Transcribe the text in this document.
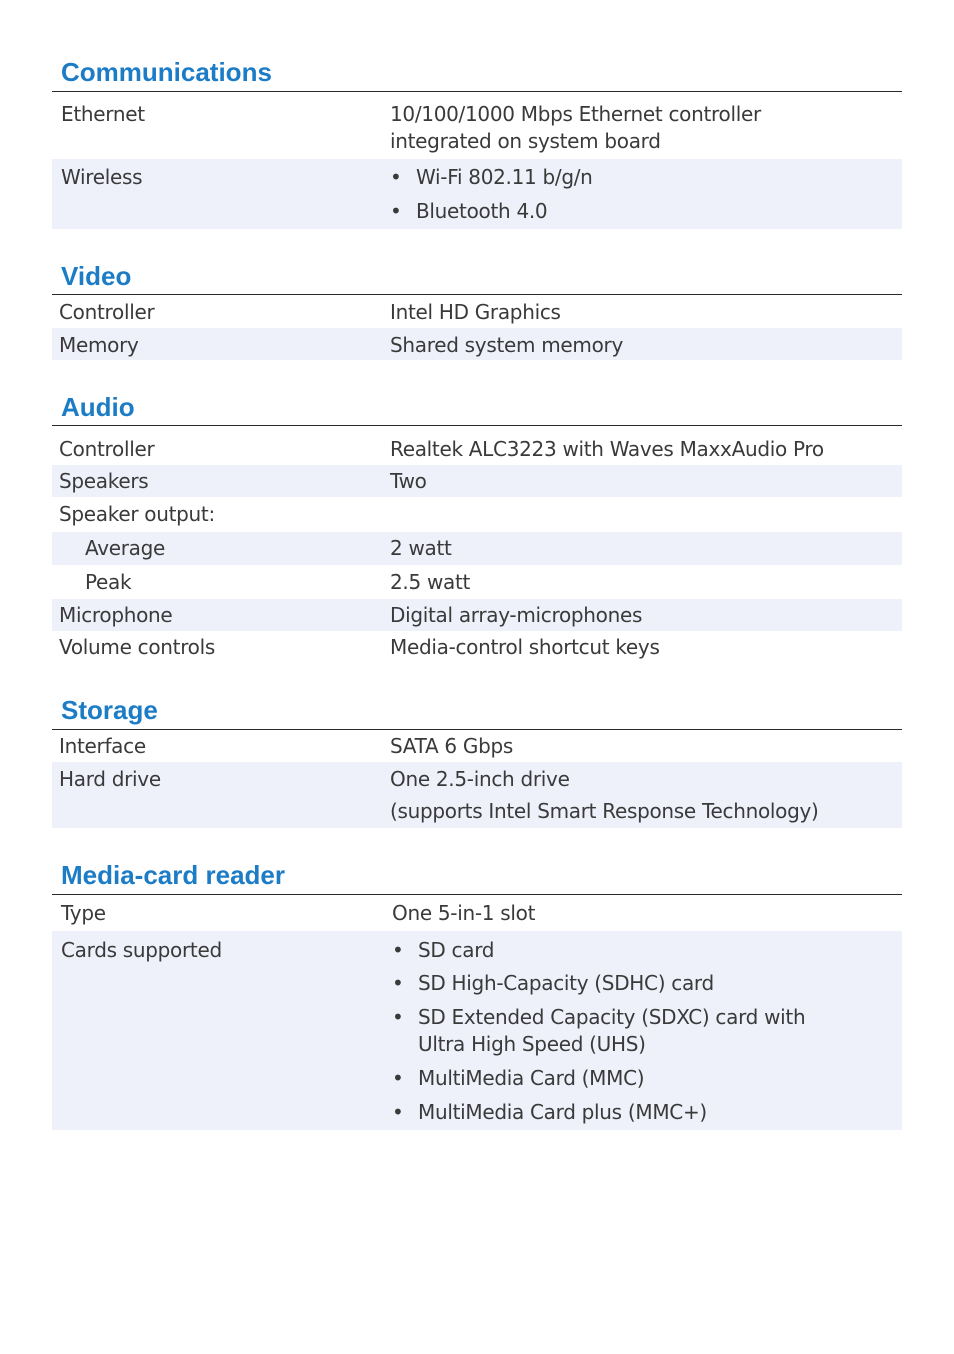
Communications
Ethernet	10/100/1000 Mbps Ethernet controller
integrated on system board
Wireless	• Wi-Fi 802.11 b/g/n
• Bluetooth 4.0
Video
Controller	Intel HD Graphics
Memory	Shared system memory
Audio
Controller	Realtek ALC3223 with Waves MaxxAudio Pro
Speakers	Two
Speaker output:
Average	2 watt
Peak	2.5 watt
Microphone	Digital array-microphones
Volume controls	Media-control shortcut keys
Storage
Interface	SATA 6 Gbps
Hard drive	One 2.5-inch drive
(supports Intel Smart Response Technology)
Media-card reader
Type	One 5-in-1 slot
Cards supported	• SD card
• SD High-Capacity (SDHC) card
• SD Extended Capacity (SDXC) card with
Ultra High Speed (UHS)
• MultiMedia Card (MMC)
• MultiMedia Card plus (MMC+)
